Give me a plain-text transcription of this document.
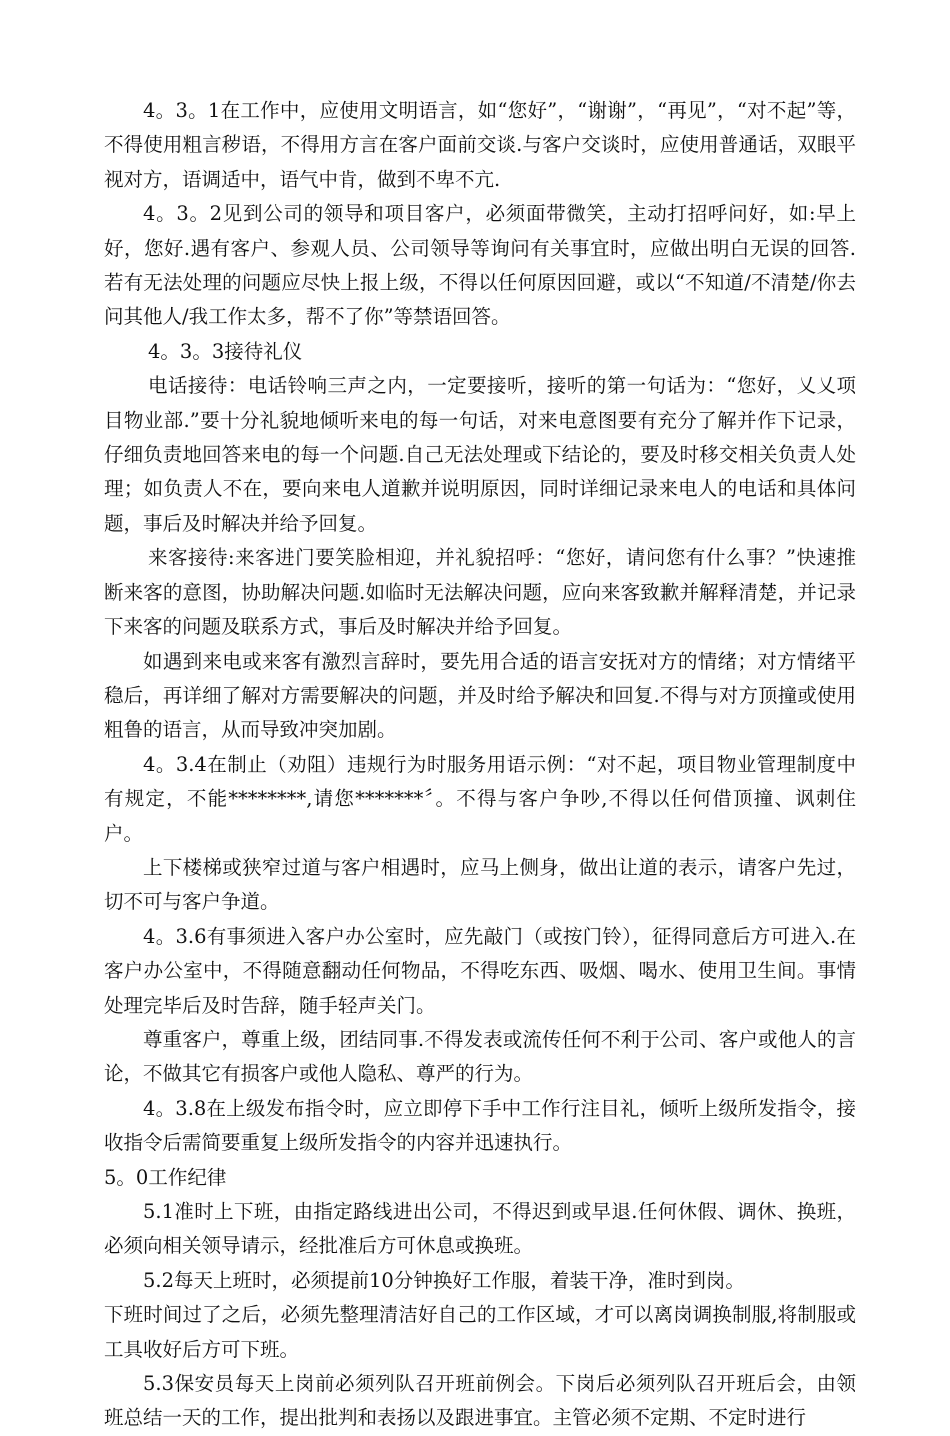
4。3。1在工作中，应使用文明语言，如“您好”，“谢谢”，“再见”，“对不起”等，不得使用粗言秽语，不得用方言在客户面前交谈.与客户交谈时，应使用普通话，双眼平视对方，语调适中，语气中肯，做到不卑不亢.

4。3。2见到公司的领导和项目客户，必须面带微笑，主动打招呼问好，如:早上好，您好.遇有客户、参观人员、公司领导等询问有关事宜时，应做出明白无误的回答.若有无法处理的问题应尽快上报上级，不得以任何原因回避，或以“不知道/不清楚/你去问其他人/我工作太多，帮不了你”等禁语回答。

4。3。3接待礼仪

电话接待：电话铃响三声之内，一定要接听，接听的第一句话为：“您好，乂乂项目物业部.”要十分礼貌地倾听来电的每一句话，对来电意图要有充分了解并作下记录，仔细负责地回答来电的每一个问题.自己无法处理或下结论的，要及时移交相关负责人处理；如负责人不在，要向来电人道歉并说明原因，同时详细记录来电人的电话和具体问题，事后及时解决并给予回复。

来客接待:来客进门要笑脸相迎，并礼貌招呼：“您好，请问您有什么事？”快速推断来客的意图，协助解决问题.如临时无法解决问题，应向来客致歉并解释清楚，并记录下来客的问题及联系方式，事后及时解决并给予回复。

如遇到来电或来客有激烈言辞时，要先用合适的语言安抚对方的情绪；对方情绪平稳后，再详细了解对方需要解决的问题，并及时给予解决和回复.不得与对方顶撞或使用粗鲁的语言，从而导致冲突加剧。

4。3.4在制止（劝阻）违规行为时服务用语示例：“对不起，项目物业管理制度中有规定，不能********,请您*******〞。不得与客户争吵,不得以任何借顶撞、讽刺住户。

上下楼梯或狭窄过道与客户相遇时，应马上侧身，做出让道的表示，请客户先过，切不可与客户争道。

4。3.6有事须进入客户办公室时，应先敲门（或按门铃），征得同意后方可进入.在客户办公室中，不得随意翻动任何物品，不得吃东西、吸烟、喝水、使用卫生间。事情处理完毕后及时告辞，随手轻声关门。

尊重客户，尊重上级，团结同事.不得发表或流传任何不利于公司、客户或他人的言论，不做其它有损客户或他人隐私、尊严的行为。

4。3.8在上级发布指令时，应立即停下手中工作行注目礼，倾听上级所发指令，接收指令后需简要重复上级所发指令的内容并迅速执行。

5。0工作纪律

5.1准时上下班，由指定路线进出公司，不得迟到或早退.任何休假、调休、换班，必须向相关领导请示，经批准后方可休息或换班。

5.2每天上班时，必须提前10分钟换好工作服，着装干净，准时到岗。

下班时间过了之后，必须先整理清洁好自己的工作区域，才可以离岗调换制服,将制服或工具收好后方可下班。

5.3保安员每天上岗前必须列队召开班前例会。下岗后必须列队召开班后会，由领班总结一天的工作，提出批判和表扬以及跟进事宜。主管必须不定期、不定时进行
